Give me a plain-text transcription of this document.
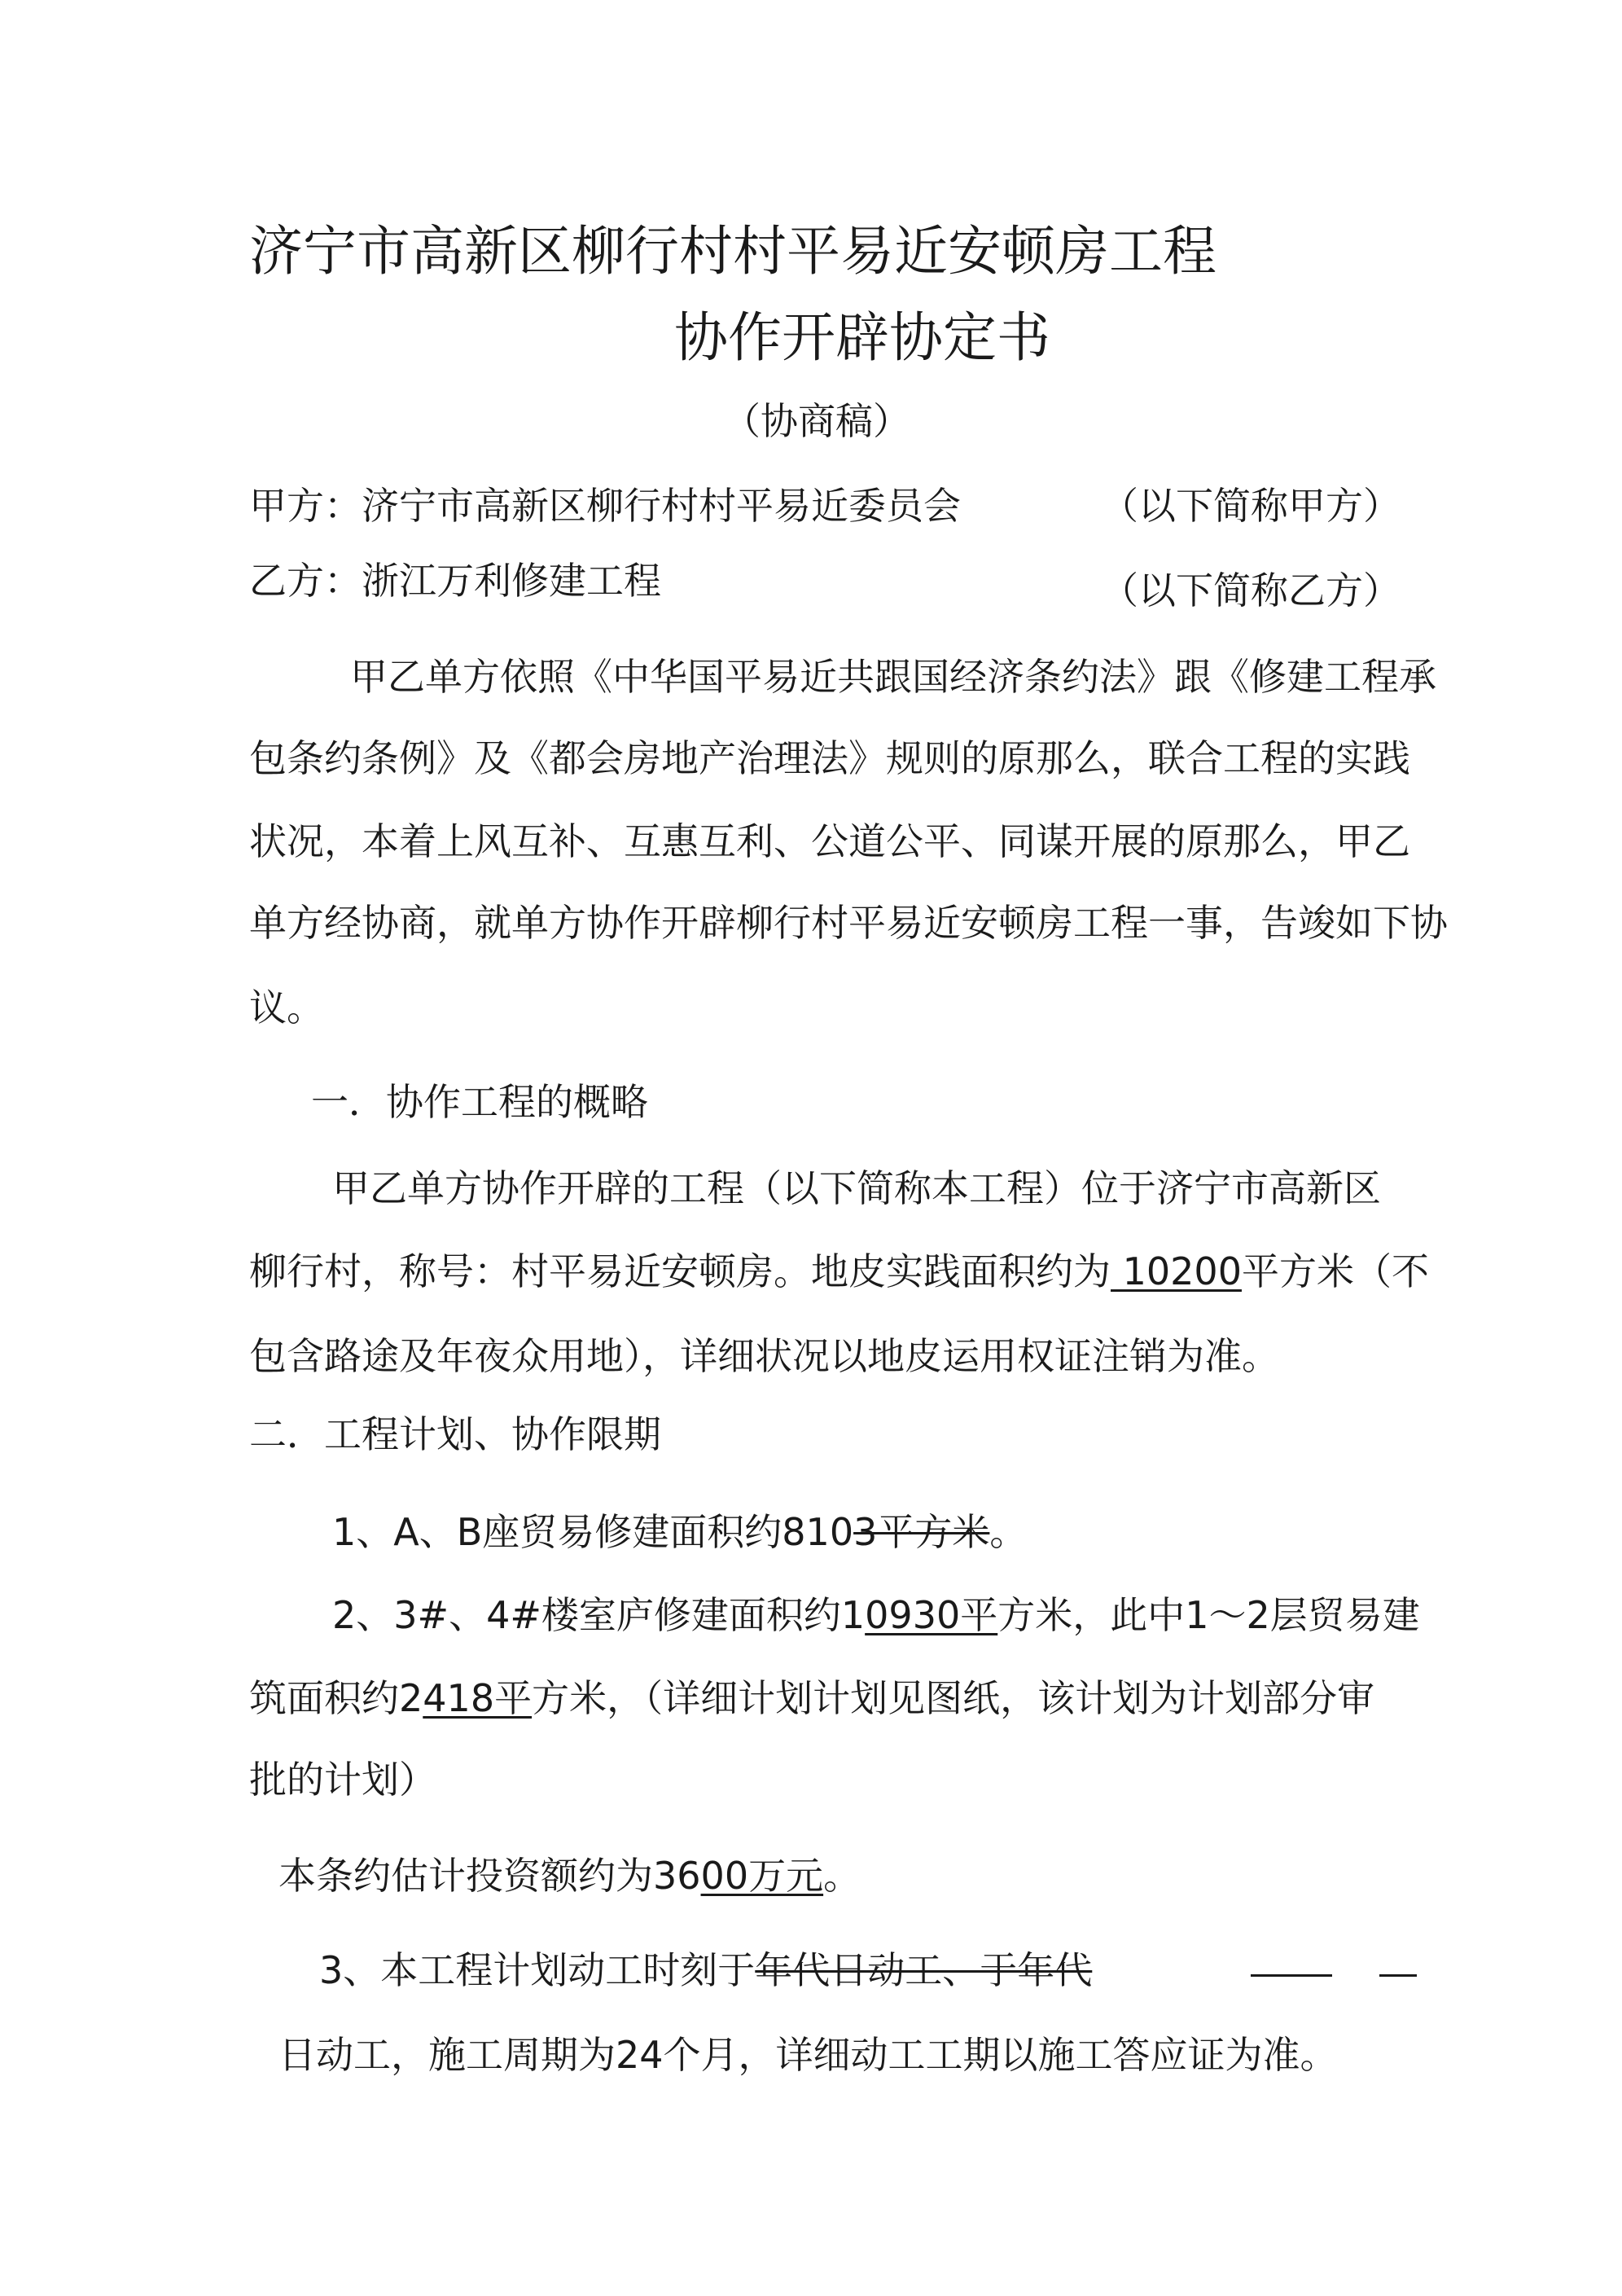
济宁市高新区柳行村村平易近安顿房工程
协作开辟协定书
（协商稿）
甲方：济宁市高新区柳行村村平易近委员会	（以下简称甲方）
乙方：浙江万利修建工程	（以下简称乙方）
甲乙单方依照《中华国平易近共跟国经济条约法》跟《修建工程承
包条约条例》及《都会房地产治理法》规则的原那么，联合工程的实践
状况，本着上风互补、互惠互利、公道公平、同谋开展的原那么，甲乙
单方经协商，就单方协作开辟柳行村平易近安顿房工程一事，告竣如下协
议。
一．协作工程的概略
甲乙单方协作开辟的工程（以下简称本工程）位于济宁市高新区
柳行村，称号：村平易近安顿房。地皮实践面积约为 10200平方米（不
包含路途及年夜众用地），详细状况以地皮运用权证注销为准。
二．工程计划、协作限期
1、A、B座贸易修建面积约8103平方米。
2、3#、4#楼室庐修建面积约10930平方米，此中1～2层贸易建
筑面积约2418平方米，（详细计划计划见图纸，该计划为计划部分审
批的计划）
本条约估计投资额约为3600万元。
3、本工程计划动工时刻于年代日动工、于年代
日动工，施工周期为24个月，详细动工工期以施工答应证为准。
